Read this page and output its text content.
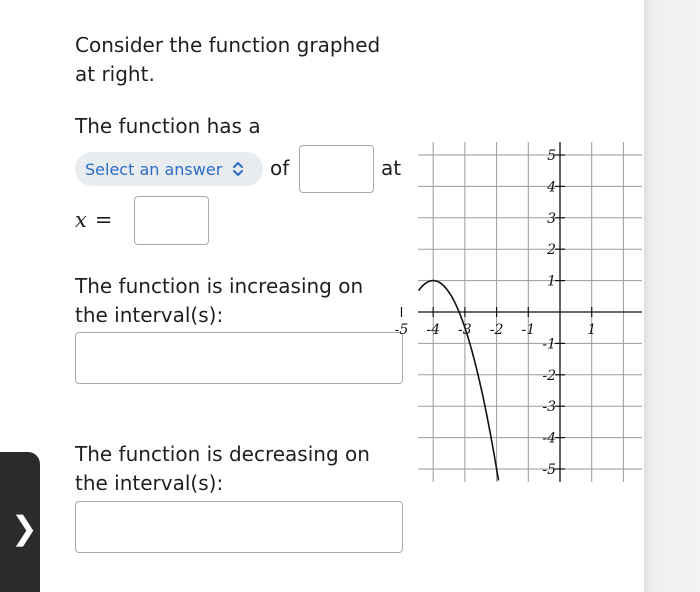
Consider the function graphed
at right.
The function has a
Select an answer of	at
x =
The function is increasing on
the interval(s):
The function is decreasing on
the interval(s):
5
4
3
2
1
-1
-2
-3
-4
-5
-5 -4 -3 -2 -1	1
❯
